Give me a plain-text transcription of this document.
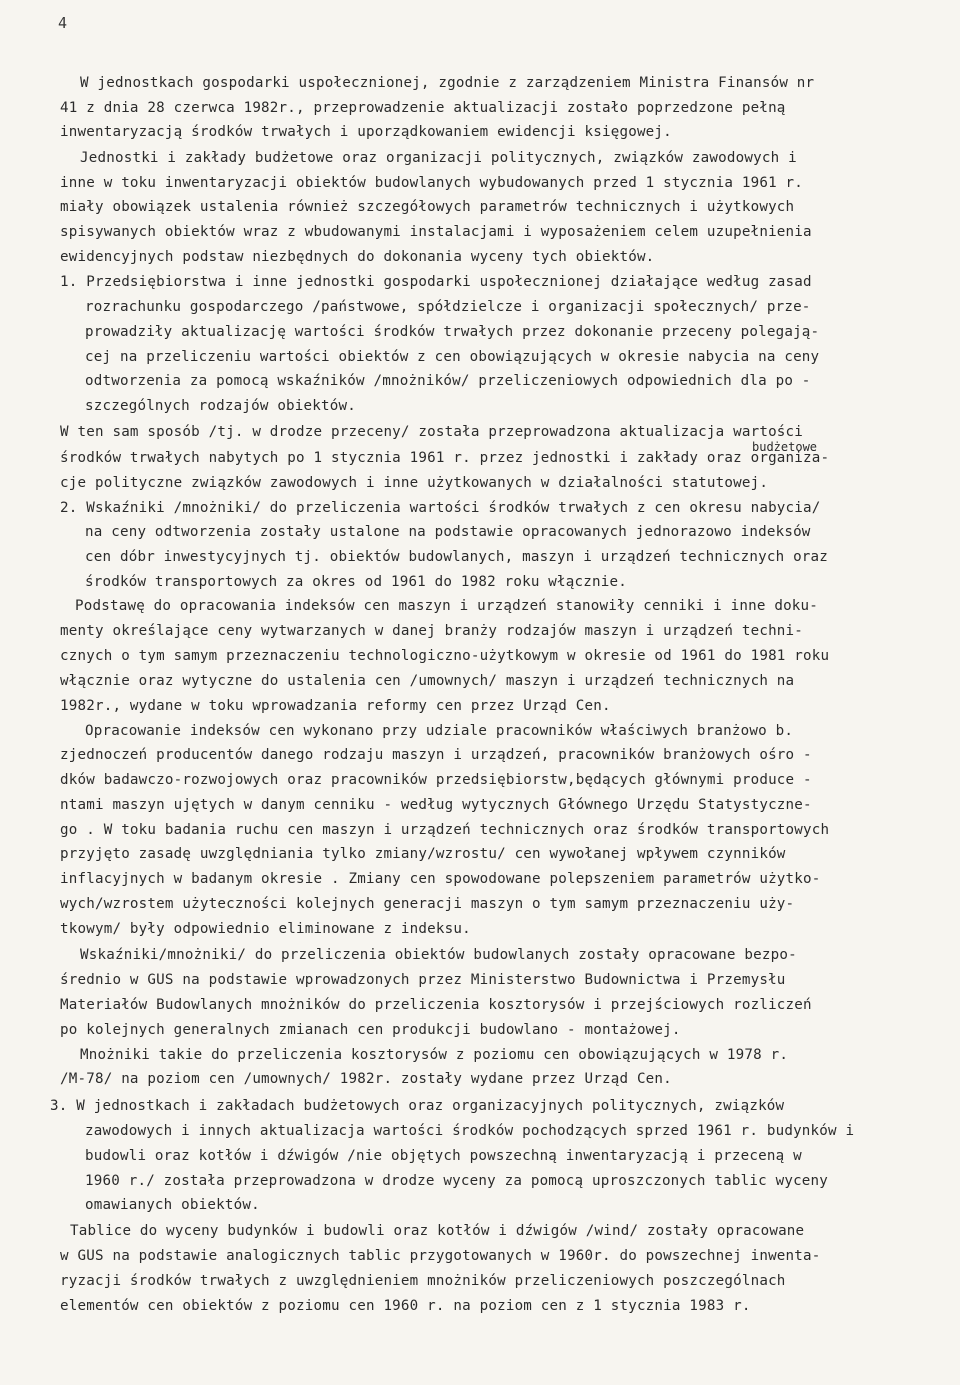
4
budżetowe
W jednostkach gospodarki uspołecznionej, zgodnie z zarządzeniem Ministra Finansów nr
41 z dnia 28 czerwca 1982r., przeprowadzenie aktualizacji zostało poprzedzone pełną
inwentaryzacją środków trwałych i uporządkowaniem ewidencji księgowej.
Jednostki i zakłady budżetowe oraz organizacji politycznych, związków zawodowych i
inne w toku inwentaryzacji obiektów budowlanych wybudowanych przed 1 stycznia 1961 r.
miały obowiązek ustalenia również szczegółowych parametrów technicznych i użytkowych
spisywanych obiektów wraz z wbudowanymi instalacjami i wyposażeniem celem uzupełnienia
ewidencyjnych podstaw niezbędnych do dokonania wyceny tych obiektów.
1. Przedsiębiorstwa i inne jednostki gospodarki uspołecznionej działające według zasad
rozrachunku gospodarczego /państwowe, spółdzielcze i organizacji społecznych/ prze-
prowadziły aktualizację wartości środków trwałych przez dokonanie przeceny polegają-
cej na przeliczeniu wartości obiektów z cen obowiązujących w okresie nabycia na ceny
odtworzenia za pomocą wskaźników /mnożników/ przeliczeniowych odpowiednich dla po -
szczególnych rodzajów obiektów.
W ten sam sposób /tj. w drodze przeceny/ została przeprowadzona aktualizacja wartości
środków trwałych nabytych po 1 stycznia 1961 r. przez jednostki i zakłady oraz organiza-
cje polityczne związków zawodowych i inne użytkowanych w działalności statutowej.
2. Wskaźniki /mnożniki/ do przeliczenia wartości środków trwałych z cen okresu nabycia/
na ceny odtworzenia zostały ustalone na podstawie opracowanych jednorazowo indeksów
cen dóbr inwestycyjnych tj. obiektów budowlanych, maszyn i urządzeń technicznych oraz
środków transportowych za okres od 1961 do 1982 roku włącznie.
Podstawę do opracowania indeksów cen maszyn i urządzeń stanowiły cenniki i inne doku-
menty określające ceny wytwarzanych w danej branży rodzajów maszyn i urządzeń techni-
cznych o tym samym przeznaczeniu technologiczno-użytkowym w okresie od 1961 do 1981 roku
włącznie oraz wytyczne do ustalenia cen /umownych/ maszyn i urządzeń technicznych na
1982r., wydane w toku wprowadzania reformy cen przez Urząd Cen.
Opracowanie indeksów cen wykonano przy udziale pracowników właściwych branżowo b.
zjednoczeń producentów danego rodzaju maszyn i urządzeń, pracowników branżowych ośro -
dków badawczo-rozwojowych oraz pracowników przedsiębiorstw,będących głównymi produce -
ntami maszyn ujętych w danym cenniku - według wytycznych Głównego Urzędu Statystyczne-
go . W toku badania ruchu cen maszyn i urządzeń technicznych oraz środków transportowych
przyjęto zasadę uwzględniania tylko zmiany/wzrostu/ cen wywołanej wpływem czynników
inflacyjnych w badanym okresie . Zmiany cen spowodowane polepszeniem parametrów użytko-
wych/wzrostem użyteczności kolejnych generacji maszyn o tym samym przeznaczeniu uży-
tkowym/ były odpowiednio eliminowane z indeksu.
Wskaźniki/mnożniki/ do przeliczenia obiektów budowlanych zostały opracowane bezpo-
średnio w GUS na podstawie wprowadzonych przez Ministerstwo Budownictwa i Przemysłu
Materiałów Budowlanych mnożników do przeliczenia kosztorysów i przejściowych rozliczeń
po kolejnych generalnych zmianach cen produkcji budowlano - montażowej.
Mnożniki takie do przeliczenia kosztorysów z poziomu cen obowiązujących w 1978 r.
/M-78/ na poziom cen /umownych/ 1982r. zostały wydane przez Urząd Cen.
3. W jednostkach i zakładach budżetowych oraz organizacyjnych politycznych, związków
zawodowych i innych aktualizacja wartości środków pochodzących sprzed 1961 r. budynków i
budowli oraz kotłów i dźwigów /nie objętych powszechną inwentaryzacją i przeceną w
1960 r./ została przeprowadzona w drodze wyceny za pomocą uproszczonych tablic wyceny
omawianych obiektów.
Tablice do wyceny budynków i budowli oraz kotłów i dźwigów /wind/ zostały opracowane
w GUS na podstawie analogicznych tablic przygotowanych w 1960r. do powszechnej inwenta-
ryzacji środków trwałych z uwzględnieniem mnożników przeliczeniowych poszczególnach
elementów cen obiektów z poziomu cen 1960 r. na poziom cen z 1 stycznia 1983 r.
